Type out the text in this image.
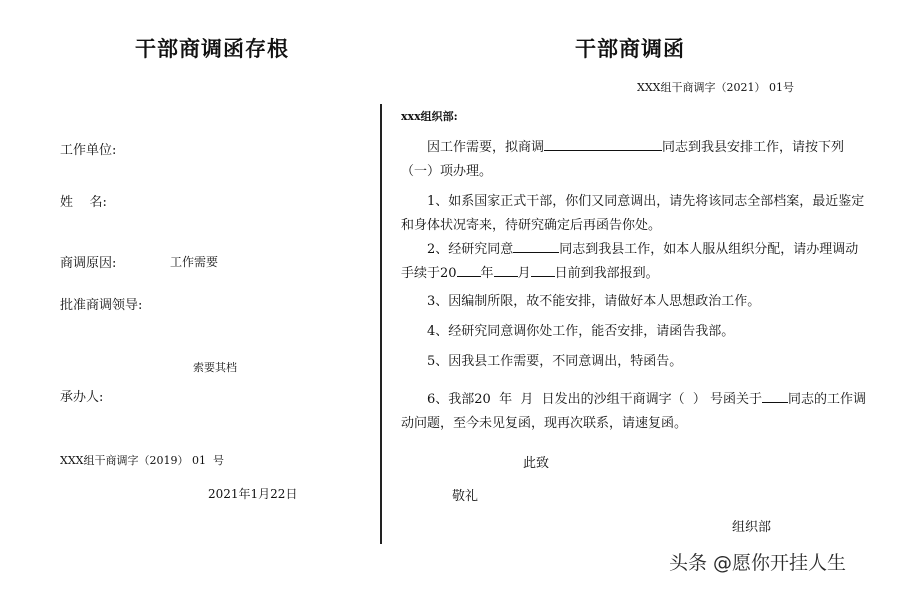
干部商调函存根
工作单位:
姓    名:
商调原因:	工作需要
批准商调领导:
索要其档
承办人:
XXX组干商调字（2019） 01  号
2021年1月22日
干部商调函
XXX组干商调字（2021） 01号
xxx组织部:
因工作需要，拟商调	同志到我县安排工作，请按下列（一）项办理。
1、如系国家正式干部，你们又同意调出，请先将该同志全部档案，最近鉴定和身体状况寄来，待研究确定后再函告你处。
2、经研究同意	同志到我县工作，如本人服从组织分配，请办理调动手续于20 年 月 日前到我部报到。
3、因编制所限，故不能安排，请做好本人思想政治工作。
4、经研究同意调你处工作，能否安排，请函告我部。
5、因我县工作需要，不同意调出，特函告。
6、我部20  年  月  日发出的沙组干商调字（  ） 号函关于 同志的工作调动问题，至今未见复函，现再次联系，请速复函。
此致
敬礼
组织部
头条 @愿你开挂人生
